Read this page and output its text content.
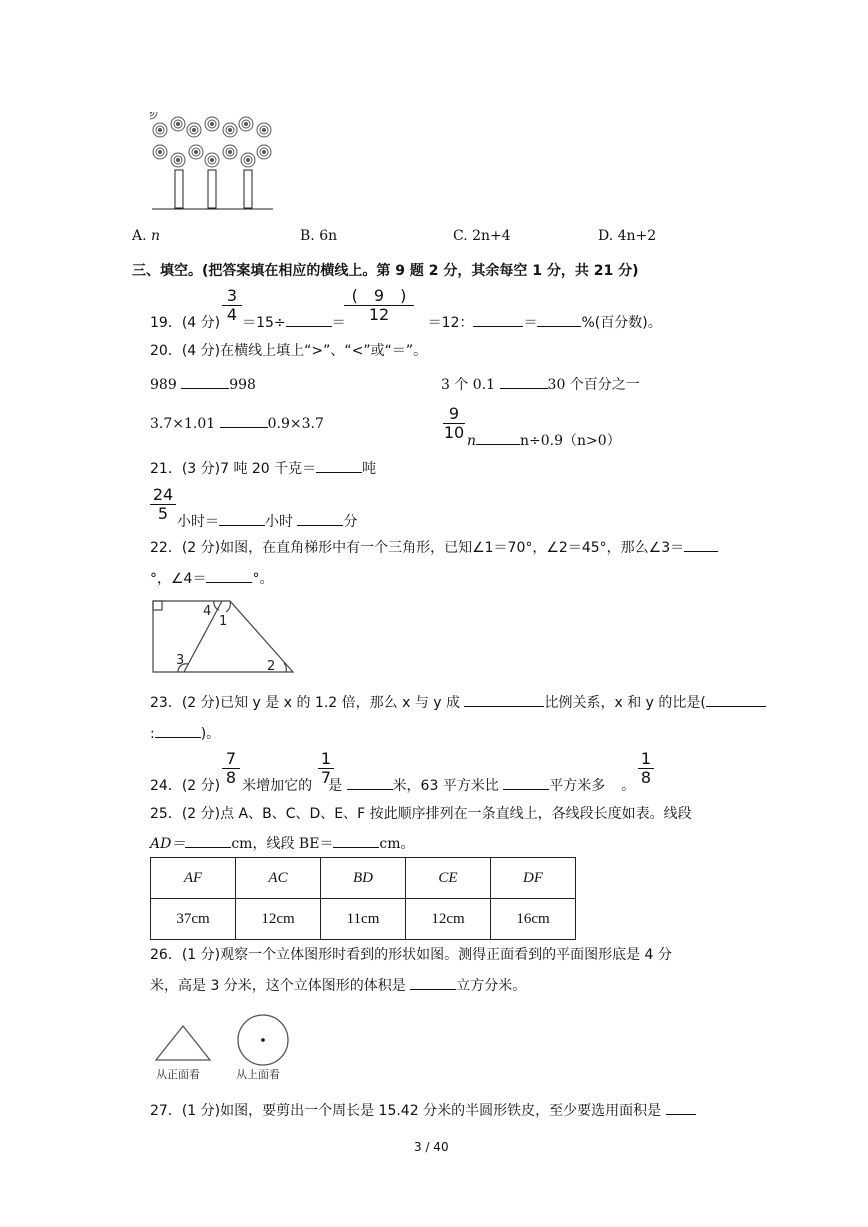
A. n	B. 6n	C. 2n+4	D. 4n+2
三、填空。(把答案填在相应的横线上。第 9 题 2 分，其余每空 1 分，共 21 分)
$\frac{3}{4}$	$\frac{( 9 )}{12}$
19．(4 分) ＝15÷	＝	＝12：	＝	%(百分数)。
20．(4 分)在横线上填上“>”、“<”或“＝”。
989	998	3 个 0.1	30 个百分之一
3.7×1.01	0.9×3.7	$\frac{9}{10}$ n	n÷0.9（n>0）
21．(3 分)7 吨 20 千克＝	吨
$\frac{24}{5}$ 小时＝	小时	分
22．(2 分)如图，在直角梯形中有一个三角形，已知∠1＝70°，∠2＝45°，那么∠3＝
°，∠4＝	°。
4
1
3	2
23．(2 分)已知 y 是 x 的 1.2 倍，那么 x 与 y 成	比例关系，x 和 y 的比是(
:	)。
$\frac{7}{8}$	$\frac{1}{7}$	$\frac{1}{8}$
24．(2 分) 米增加它的 是	米，63 平方米比	平方米多 。
25．(2 分)点 A、B、C、D、E、F 按此顺序排列在一条直线上，各线段长度如表。线段
AD＝	cm，线段 BE＝	cm。
AF	AC	BD	CE	DF
37cm	12cm	11cm	12cm	16cm
26．(1 分)观察一个立体图形时看到的形状如图。测得正面看到的平面图形底是 4 分
米，高是 3 分米，这个立体图形的体积是	立方分米。
从正面看	从上面看
27．(1 分)如图，要剪出一个周长是 15.42 分米的半圆形铁皮，至少要选用面积是
3 / 40
